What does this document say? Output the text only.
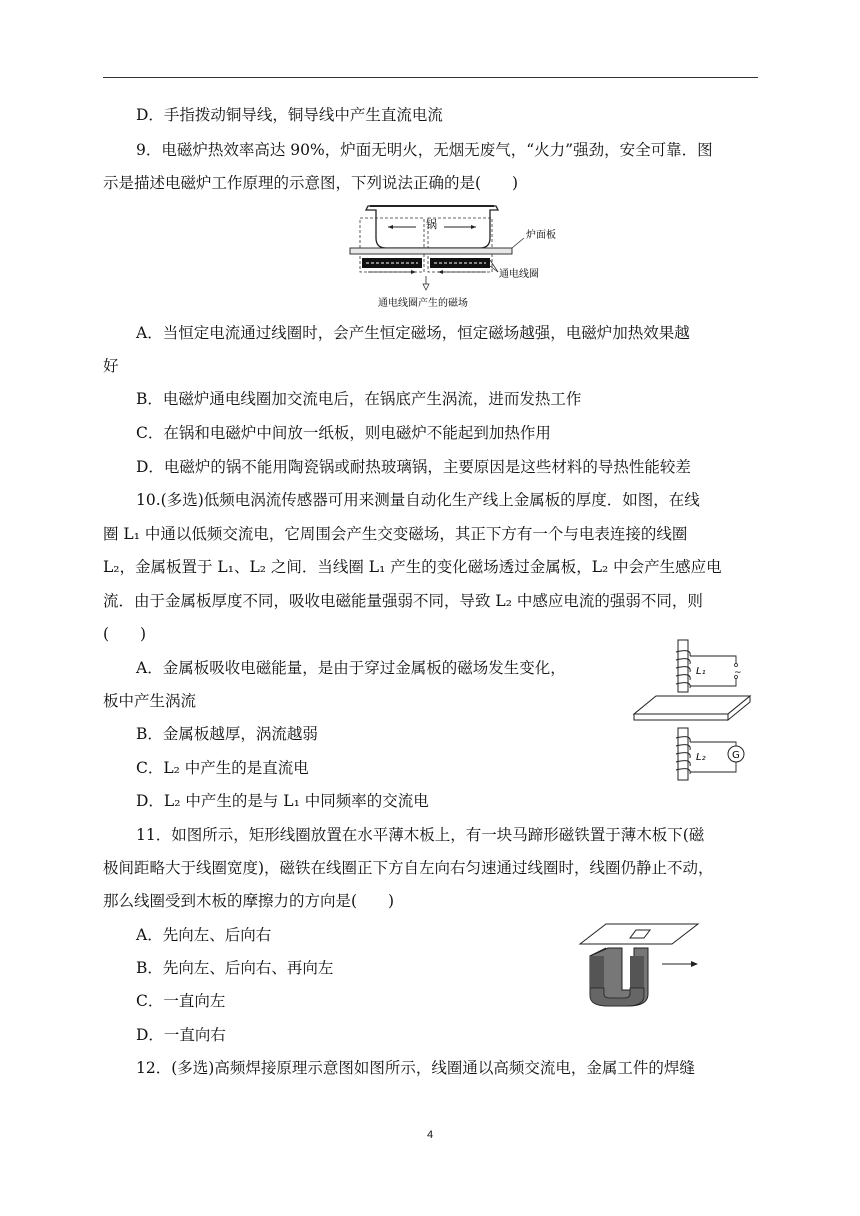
D．手指拨动铜导线，铜导线中产生直流电流
9．电磁炉热效率高达 90%，炉面无明火，无烟无废气，“火力”强劲，安全可靠．图
示是描述电磁炉工作原理的示意图，下列说法正确的是(　　)
锅
炉面板
通电线圈
通电线圈产生的磁场
A．当恒定电流通过线圈时，会产生恒定磁场，恒定磁场越强，电磁炉加热效果越
好
B．电磁炉通电线圈加交流电后，在锅底产生涡流，进而发热工作
C．在锅和电磁炉中间放一纸板，则电磁炉不能起到加热作用
D．电磁炉的锅不能用陶瓷锅或耐热玻璃锅，主要原因是这些材料的导热性能较差
10.(多选)低频电涡流传感器可用来测量自动化生产线上金属板的厚度．如图，在线
圈 L₁ 中通以低频交流电，它周围会产生交变磁场，其正下方有一个与电表连接的线圈
L₂，金属板置于 L₁、L₂ 之间．当线圈 L₁ 产生的变化磁场透过金属板，L₂ 中会产生感应电
流．由于金属板厚度不同，吸收电磁能量强弱不同，导致 L₂ 中感应电流的强弱不同，则
(　　)
A．金属板吸收电磁能量，是由于穿过金属板的磁场发生变化，
板中产生涡流
B．金属板越厚，涡流越弱
C．L₂ 中产生的是直流电
D．L₂ 中产生的是与 L₁ 中同频率的交流电
~
L₁
G
L₂
11．如图所示，矩形线圈放置在水平薄木板上，有一块马蹄形磁铁置于薄木板下(磁
极间距略大于线圈宽度)，磁铁在线圈正下方自左向右匀速通过线圈时，线圈仍静止不动，
那么线圈受到木板的摩擦力的方向是(　　)
A．先向左、后向右
B．先向左、后向右、再向左
C．一直向左
D．一直向右
12．(多选)高频焊接原理示意图如图所示，线圈通以高频交流电，金属工件的焊缝
4
